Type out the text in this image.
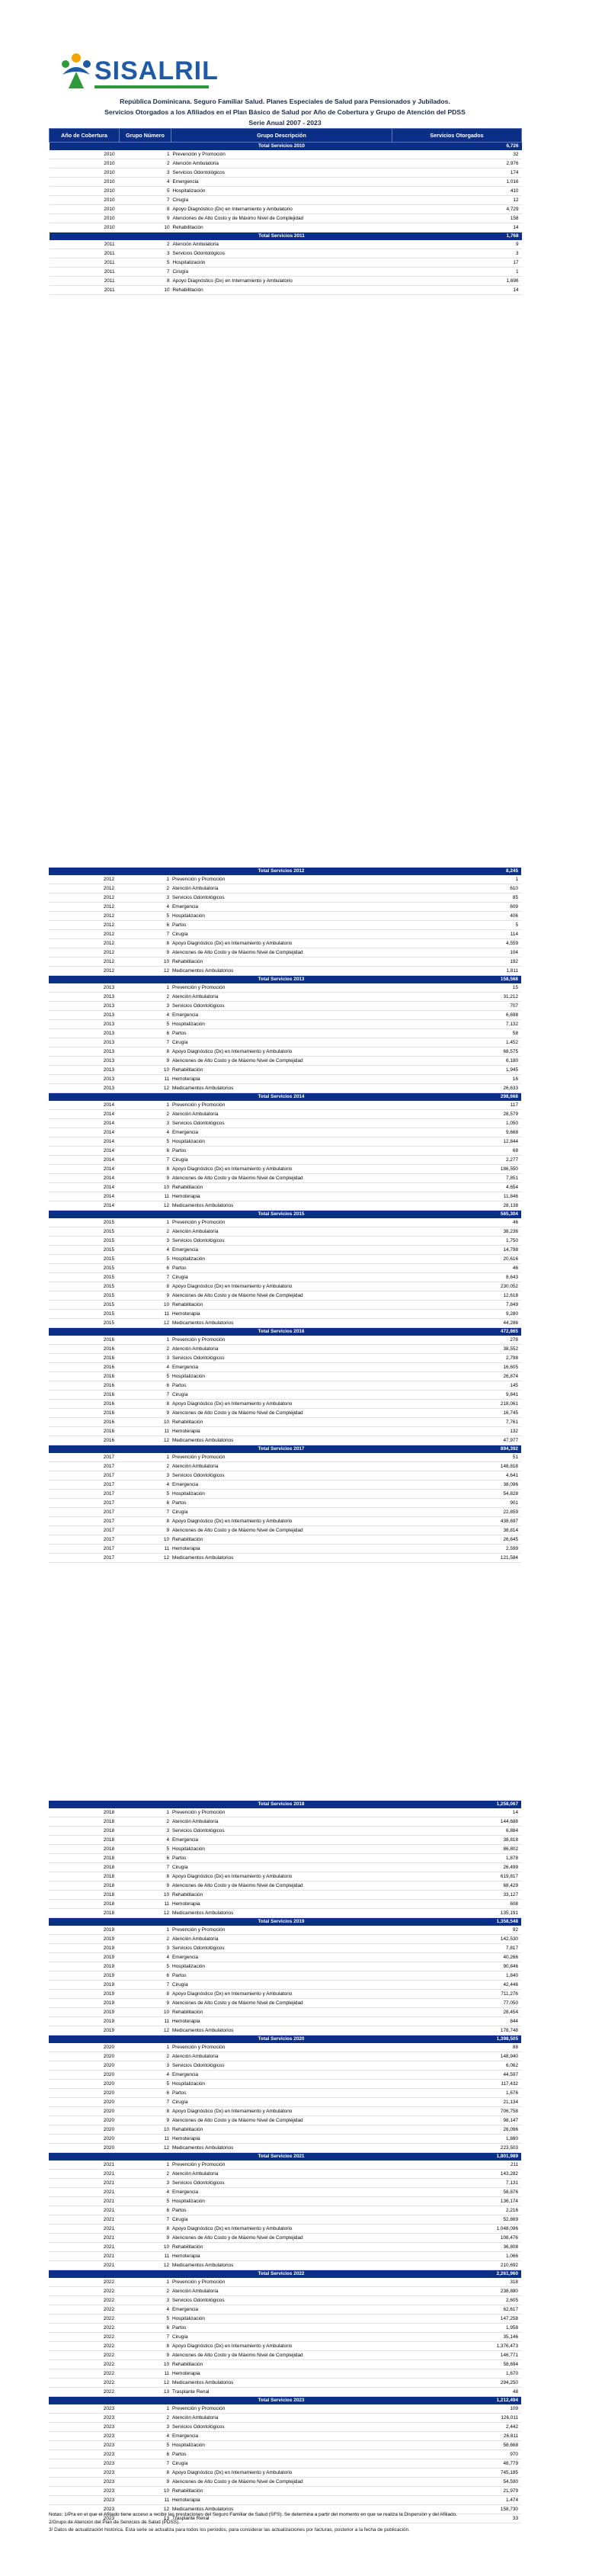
SISALRIL
República Dominicana. Seguro Familiar Salud. Planes Especiales de Salud para Pensionados y Jubilados.
Servicios Otorgados a los Afiliados en el Plan Básico de Salud por Año de Cobertura y Grupo de Atención del PDSS
Serie Anual 2007 - 2023
Año de Cobertura	Grupo Número	Grupo Descripción	Servicios Otorgados
		Total Servicios 2010	6,726
2010	1	Prevención y Promoción	32
2010	2	Atención Ambulatoria	2,976
2010	3	Servicios Odontológicos	174
2010	4	Emergencia	1,016
2010	5	Hospitalización	410
2010	7	Cirugía	12
2010	8	Apoyo Diagnóstico (Dx) en Internamiento y Ambulatorio	4,729
2010	9	Atenciones de Alto Costo y de Máximo Nivel de Complejidad	158
2010	10	Rehabilitación	14
		Total Servicios 2011	1,768
2011	2	Atención Ambulatoria	9
2011	3	Servicios Odontológicos	3
2011	5	Hospitalización	17
2011	7	Cirugía	1
2011	8	Apoyo Diagnóstico (Dx) en Internamiento y Ambulatorio	1,696
2011	10	Rehabilitación	14
		Total Servicios 2012	8,245
2012	1	Prevención y Promoción	1
2012	2	Atención Ambulatoria	610
2012	3	Servicios Odontológicos	85
2012	4	Emergencia	609
2012	5	Hospitalización	406
2012	6	Partos	5
2012	7	Cirugía	114
2012	8	Apoyo Diagnóstico (Dx) en Internamiento y Ambulatorio	4,559
2012	9	Atenciones de Alto Costo y de Máximo Nivel de Complejidad	104
2012	10	Rehabilitación	192
2012	12	Medicamentos Ambulatorios	1,811
		Total Servicios 2013	158,568
2013	1	Prevención y Promoción	15
2013	2	Atención Ambulatoria	31,212
2013	3	Servicios Odontológicos	707
2013	4	Emergencia	6,698
2013	5	Hospitalización	7,132
2013	6	Partos	58
2013	7	Cirugía	1,452
2013	8	Apoyo Diagnóstico (Dx) en Internamiento y Ambulatorio	68,575
2013	9	Atenciones de Alto Costo y de Máximo Nivel de Complejidad	6,180
2013	10	Rehabilitación	1,945
2013	11	Hemoterapia	16
2013	12	Medicamentos Ambulatorios	26,633
		Total Servicios 2014	298,668
2014	1	Prevención y Promoción	117
2014	2	Atención Ambulatoria	28,579
2014	3	Servicios Odontológicos	1,050
2014	4	Emergencia	9,668
2014	5	Hospitalización	12,844
2014	6	Partos	68
2014	7	Cirugía	2,277
2014	8	Apoyo Diagnóstico (Dx) en Internamiento y Ambulatorio	186,550
2014	9	Atenciones de Alto Costo y de Máximo Nivel de Complejidad	7,851
2014	10	Rehabilitación	4,654
2014	11	Hemoterapia	11,846
2014	12	Medicamentos Ambulatorios	28,138
		Total Servicios 2015	565,304
2015	1	Prevención y Promoción	46
2015	2	Atención Ambulatoria	38,236
2015	3	Servicios Odontológicos	1,750
2015	4	Emergencia	14,798
2015	5	Hospitalización	20,616
2015	6	Partos	46
2015	7	Cirugía	8,643
2015	8	Apoyo Diagnóstico (Dx) en Internamiento y Ambulatorio	230,052
2015	9	Atenciones de Alto Costo y de Máximo Nivel de Complejidad	12,618
2015	10	Rehabilitación	7,849
2015	11	Hemoterapia	9,280
2015	12	Medicamentos Ambulatorios	44,286
		Total Servicios 2016	472,865
2016	1	Prevención y Promoción	278
2016	2	Atención Ambulatoria	38,552
2016	3	Servicios Odontológicos	2,798
2016	4	Emergencia	16,605
2016	5	Hospitalización	26,874
2016	6	Partos	145
2016	7	Cirugía	9,841
2016	8	Apoyo Diagnóstico (Dx) en Internamiento y Ambulatorio	218,061
2016	9	Atenciones de Alto Costo y de Máximo Nivel de Complejidad	16,745
2016	10	Rehabilitación	7,761
2016	11	Hemoterapia	132
2016	12	Medicamentos Ambulatorios	47,977
		Total Servicios 2017	894,392
2017	1	Prevención y Promoción	51
2017	2	Atención Ambulatoria	148,818
2017	3	Servicios Odontológicos	4,641
2017	4	Emergencia	38,096
2017	5	Hospitalización	54,828
2017	6	Partos	901
2017	7	Cirugía	22,859
2017	8	Apoyo Diagnóstico (Dx) en Internamiento y Ambulatorio	438,697
2017	9	Atenciones de Alto Costo y de Máximo Nivel de Complejidad	38,814
2017	10	Rehabilitación	26,645
2017	11	Hemoterapia	2,599
2017	12	Medicamentos Ambulatorios	121,584
		Total Servicios 2018	1,258,067
2018	1	Prevención y Promoción	14
2018	2	Atención Ambulatoria	144,688
2018	3	Servicios Odontológicos	6,884
2018	4	Emergencia	38,818
2018	5	Hospitalización	86,802
2018	6	Partos	1,878
2018	7	Cirugía	26,499
2018	8	Apoyo Diagnóstico (Dx) en Internamiento y Ambulatorio	619,817
2018	9	Atenciones de Alto Costo y de Máximo Nivel de Complejidad	68,429
2018	10	Rehabilitación	33,127
2018	11	Hemoterapia	608
2018	12	Medicamentos Ambulatorios	135,191
		Total Servicios 2019	1,358,548
2019	1	Prevención y Promoción	92
2019	2	Atención Ambulatoria	142,530
2019	3	Servicios Odontológicos	7,817
2019	4	Emergencia	40,266
2019	5	Hospitalización	90,846
2019	6	Partos	1,840
2019	7	Cirugía	42,446
2019	8	Apoyo Diagnóstico (Dx) en Internamiento y Ambulatorio	711,276
2019	9	Atenciones de Alto Costo y de Máximo Nivel de Complejidad	77,050
2019	10	Rehabilitación	28,454
2019	11	Hemoterapia	844
2019	12	Medicamentos Ambulatorios	178,748
		Total Servicios 2020	1,398,505
2020	1	Prevención y Promoción	88
2020	2	Atención Ambulatoria	148,940
2020	3	Servicios Odontológicos	6,062
2020	4	Emergencia	44,597
2020	5	Hospitalización	117,432
2020	6	Partos	1,676
2020	7	Cirugía	21,134
2020	8	Apoyo Diagnóstico (Dx) en Internamiento y Ambulatorio	706,758
2020	9	Atenciones de Alto Costo y de Máximo Nivel de Complejidad	98,147
2020	10	Rehabilitación	26,096
2020	11	Hemoterapia	1,880
2020	12	Medicamentos Ambulatorios	223,503
		Total Servicios 2021	1,801,989
2021	1	Prevención y Promoción	211
2021	2	Atención Ambulatoria	143,282
2021	3	Servicios Odontológicos	7,131
2021	4	Emergencia	58,876
2021	5	Hospitalización	136,174
2021	6	Partos	2,216
2021	7	Cirugía	52,869
2021	8	Apoyo Diagnóstico (Dx) en Internamiento y Ambulatorio	1,048,096
2021	9	Atenciones de Alto Costo y de Máximo Nivel de Complejidad	108,476
2021	10	Rehabilitación	36,808
2021	11	Hemoterapia	1,066
2021	12	Medicamentos Ambulatorios	210,692
		Total Servicios 2022	2,261,960
2022	1	Prevención y Promoción	318
2022	2	Atención Ambulatoria	238,880
2022	3	Servicios Odontológicos	2,605
2022	4	Emergencia	62,617
2022	5	Hospitalización	147,258
2022	6	Partos	1,958
2022	7	Cirugía	35,146
2022	8	Apoyo Diagnóstico (Dx) en Internamiento y Ambulatorio	1,376,473
2022	9	Atenciones de Alto Costo y de Máximo Nivel de Complejidad	146,771
2022	10	Rehabilitación	58,694
2022	11	Hemoterapia	1,670
2022	12	Medicamentos Ambulatorios	294,250
2022	13	Trasplante Renal	48
		Total Servicios 2023	1,212,494
2023	1	Prevención y Promoción	109
2023	2	Atención Ambulatoria	126,011
2023	3	Servicios Odontológicos	2,442
2023	4	Emergencia	26,811
2023	5	Hospitalización	58,668
2023	6	Partos	970
2023	7	Cirugía	48,779
2023	8	Apoyo Diagnóstico (Dx) en Internamiento y Ambulatorio	745,185
2023	9	Atenciones de Alto Costo y de Máximo Nivel de Complejidad	54,590
2023	10	Rehabilitación	21,979
2023	11	Hemoterapia	1,474
2023	12	Medicamentos Ambulatorios	158,730
2023	13	Trasplante Renal	33
Notas: 1/Pra en el que el Afiliado tiene acceso a recibir las prestaciones del Seguro Familiar de Salud (SFS). Se determina a partir del momento en que se realiza la Dispersión y del Afiliado.
2/Grupo de Atención del Plan de Servicios de Salud (PDSS).
3/ Datos de actualización histórica. Esta serie se actualiza para todos los periodos, para considerar las actualizaciones por facturas, posterior a la fecha de publicación.
